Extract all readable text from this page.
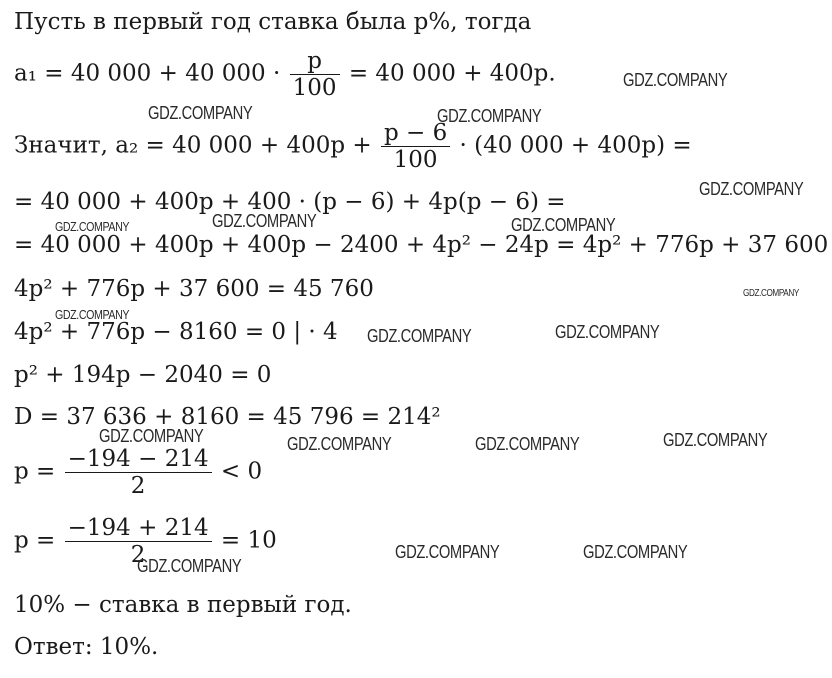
Пусть в первый год ставка была p%, тогда
a₁ = 40 000 + 40 $000 \cdot \frac{p}{100} = 40$ 000 + 400p.
Значит, a₂ = 40 $000 + 400p + \frac{p - 6}{100} \cdot (40$ 000 + 400p) =
= 40 000 + 400p + 400 · (p − 6) + 4p(p − 6) =
= 40 000 + 400p + 400p − 2400 + 4p² − 24p = 4p² + 776p + 37 600
4p² + 776p + 37 600 = 45 760
4p² + 776p − 8160 = 0 | · 4
p² + 194p − 2040 = 0
D = 37 636 + 8160 = 45 796 = 214²
$p = \frac{-194 - 214}{2} < 0$
$p = \frac{-194 + 214}{2} = 10$
10% − ставка в первый год.
Ответ: 10%.
GDZ.COMPANY
GDZ.COMPANY	GDZ.COMPANY
GDZ.COMPANY
GDZ.COMPANY	GDZ.COMPANY	GDZ.COMPANY
GDZ.COMPANY
GDZ.COMPANY
GDZ.COMPANY	GDZ.COMPANY
GDZ.COMPANY	GDZ.COMPANY	GDZ.COMPANY	GDZ.COMPANY
GDZ.COMPANY
GDZ.COMPANY	GDZ.COMPANY
